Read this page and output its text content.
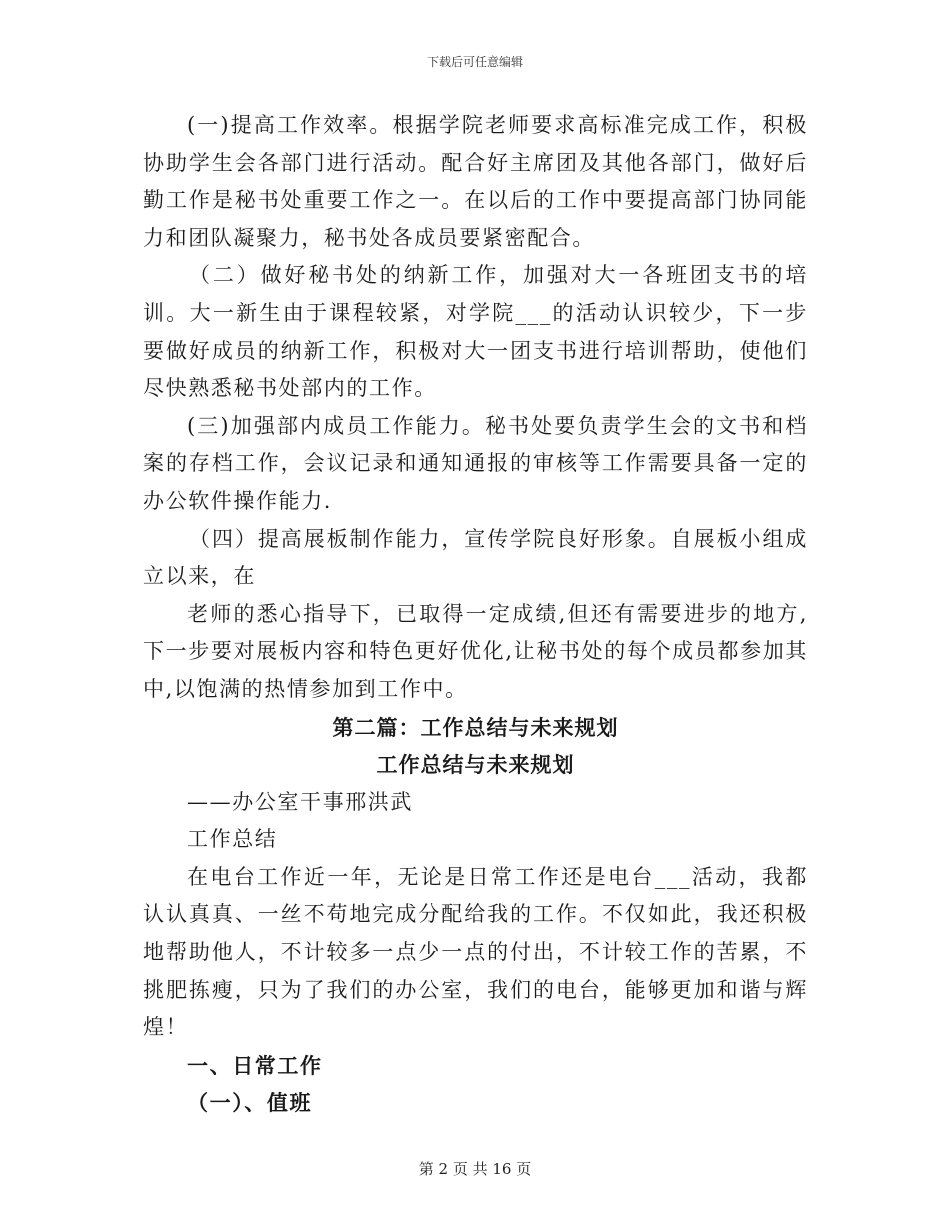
下载后可任意编辑

(一)提高工作效率。根据学院老师要求高标准完成工作，积极协助学生会各部门进行活动。配合好主席团及其他各部门，做好后勤工作是秘书处重要工作之一。在以后的工作中要提高部门协同能力和团队凝聚力，秘书处各成员要紧密配合。

（二）做好秘书处的纳新工作，加强对大一各班团支书的培训。大一新生由于课程较紧，对学院___的活动认识较少，下一步要做好成员的纳新工作，积极对大一团支书进行培训帮助，使他们尽快熟悉秘书处部内的工作。

(三)加强部内成员工作能力。秘书处要负责学生会的文书和档案的存档工作，会议记录和通知通报的审核等工作需要具备一定的办公软件操作能力.

（四）提高展板制作能力，宣传学院良好形象。自展板小组成立以来，在

老师的悉心指导下，已取得一定成绩,但还有需要进步的地方,下一步要对展板内容和特色更好优化,让秘书处的每个成员都参加其中,以饱满的热情参加到工作中。

第二篇：工作总结与未来规划

工作总结与未来规划

——办公室干事邢洪武

工作总结

在电台工作近一年，无论是日常工作还是电台___活动，我都认认真真、一丝不苟地完成分配给我的工作。不仅如此，我还积极地帮助他人，不计较多一点少一点的付出，不计较工作的苦累，不挑肥拣瘦，只为了我们的办公室，我们的电台，能够更加和谐与辉煌！

一、日常工作

（一）、值班

第 2 页 共 16 页
